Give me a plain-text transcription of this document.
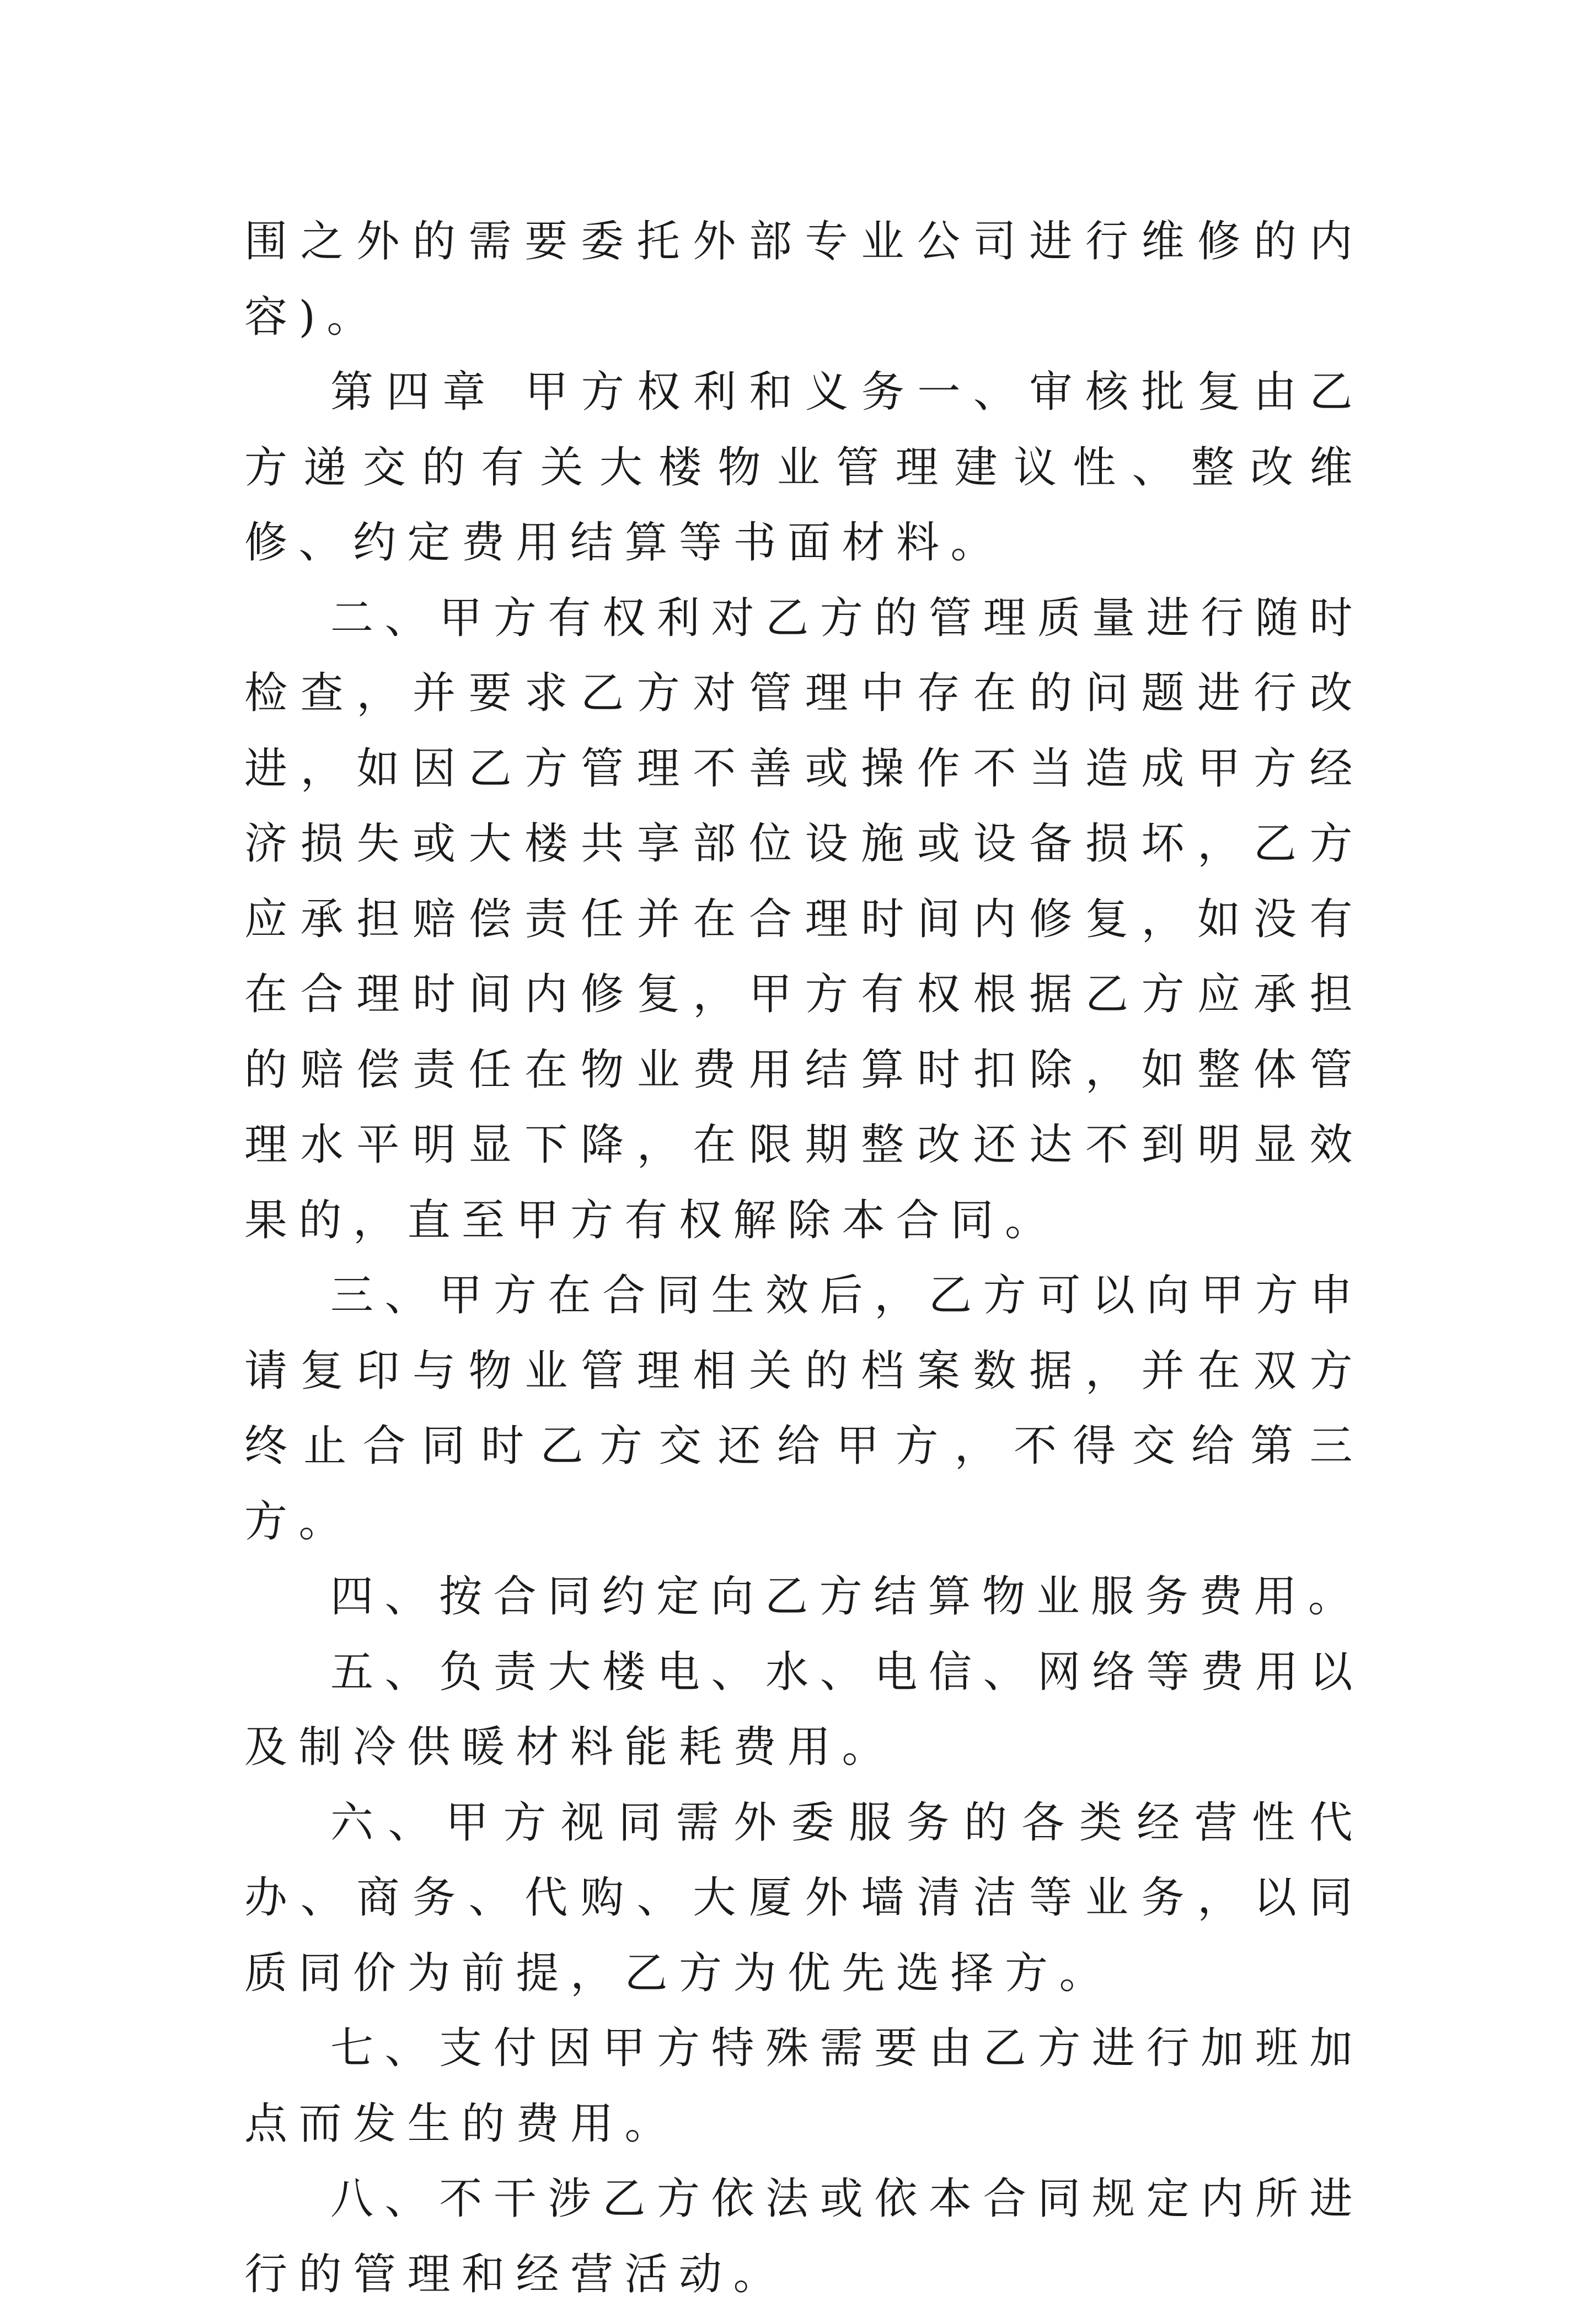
围之外的需要委托外部专业公司进行维修的内容)。

第四章 甲方权利和义务一、审核批复由乙方递交的有关大楼物业管理建议性、整改维修、约定费用结算等书面材料。

二、甲方有权利对乙方的管理质量进行随时检查，并要求乙方对管理中存在的问题进行改进，如因乙方管理不善或操作不当造成甲方经济损失或大楼共享部位设施或设备损坏，乙方应承担赔偿责任并在合理时间内修复，如没有在合理时间内修复，甲方有权根据乙方应承担的赔偿责任在物业费用结算时扣除，如整体管理水平明显下降，在限期整改还达不到明显效果的，直至甲方有权解除本合同。

三、甲方在合同生效后，乙方可以向甲方申请复印与物业管理相关的档案数据，并在双方终止合同时乙方交还给甲方，不得交给第三方。

四、按合同约定向乙方结算物业服务费用。

五、负责大楼电、水、电信、网络等费用以及制冷供暖材料能耗费用。

六、甲方视同需外委服务的各类经营性代办、商务、代购、大厦外墙清洁等业务，以同质同价为前提，乙方为优先选择方。

七、支付因甲方特殊需要由乙方进行加班加点而发生的费用。

八、不干涉乙方依法或依本合同规定内所进行的管理和经营活动。
